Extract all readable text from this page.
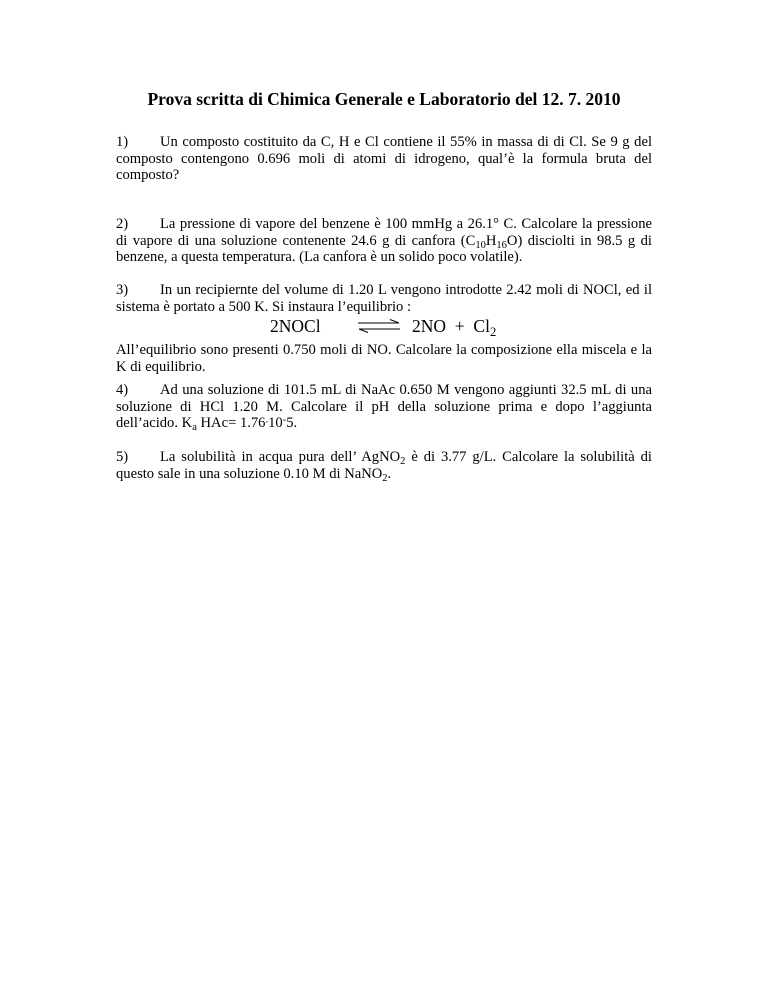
Prova scritta di Chimica Generale e Laboratorio del 12. 7. 2010

1) Un composto costituito da C, H e Cl contiene il 55% in massa di di Cl. Se 9 g del composto contengono 0.696 moli di atomi di idrogeno, qual’è la formula bruta del composto?

2) La pressione di vapore del benzene è 100 mmHg a 26.1° C. Calcolare la pressione di vapore di una soluzione contenente 24.6 g di canfora $(C_{10}H_{16}O)$ disciolti in 98.5 g di benzene, a questa temperatura. (La canfora è un solido poco volatile).

3) In un recipiernte del volume di 1.20 L vengono introdotte 2.42 moli di NOCl, ed il sistema è portato a 500 K. Si instaura l’equilibrio :

2NOCl ⇌ $2NO + Cl_2$

All’equilibrio sono presenti 0.750 moli di NO. Calcolare la composizione ella miscela e la K di equilibrio.

4) Ad una soluzione di 101.5 mL di NaAc 0.650 M vengono aggiunti 32.5 mL di una soluzione di HCl 1.20 M. Calcolare il pH della soluzione prima e dopo l’aggiunta dell’acido. $K_a$ HAc= 1.76.10-5.

5) La solubilità in acqua pura dell’ AgNO$_2$ è di 3.77 g/L. Calcolare la solubilità di questo sale in una soluzione 0.10 M di NaNO$_2$.
